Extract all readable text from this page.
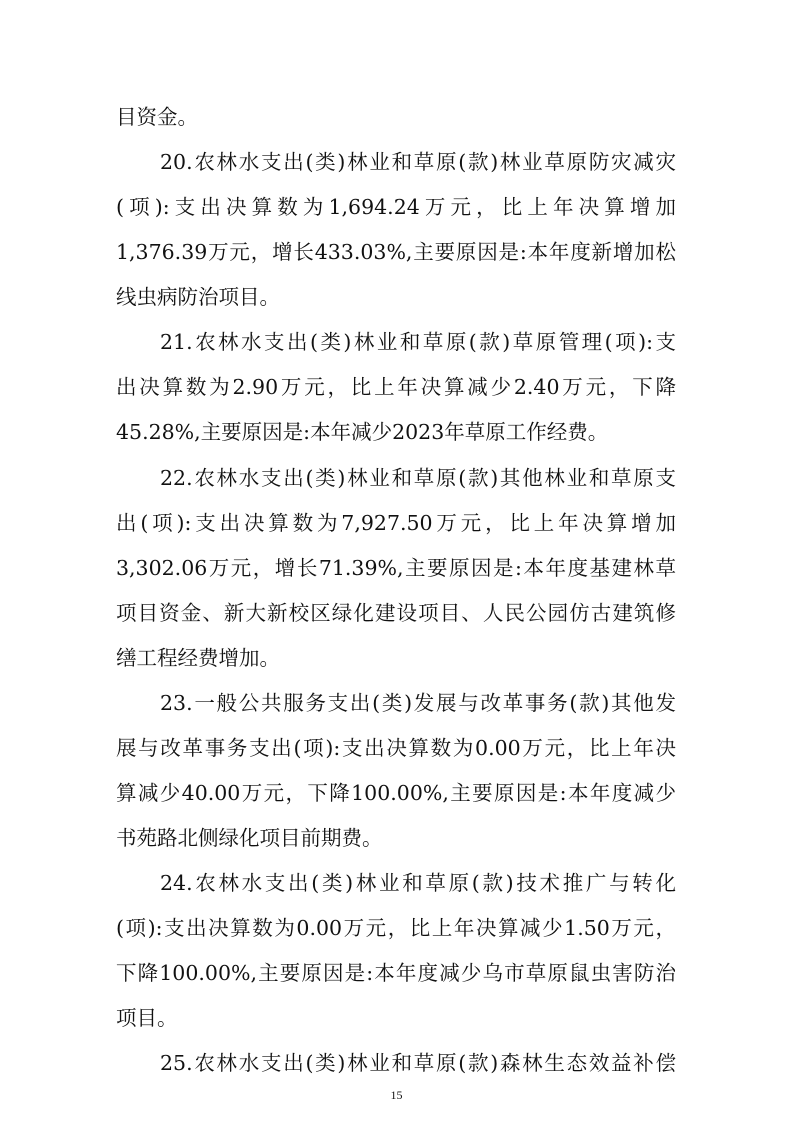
目资金。
20.农林水支出(类)林业和草原(款)林业草原防灾减灾
(项):支出决算数为1,694.24万元，比上年决算增加
1,376.39万元，增长433.03%,主要原因是:本年度新增加松
线虫病防治项目。
21.农林水支出(类)林业和草原(款)草原管理(项):支
出决算数为2.90万元，比上年决算减少2.40万元，下降
45.28%,主要原因是:本年减少2023年草原工作经费。
22.农林水支出(类)林业和草原(款)其他林业和草原支
出(项):支出决算数为7,927.50万元，比上年决算增加
3,302.06万元，增长71.39%,主要原因是:本年度基建林草
项目资金、新大新校区绿化建设项目、人民公园仿古建筑修
缮工程经费增加。
23.一般公共服务支出(类)发展与改革事务(款)其他发
展与改革事务支出(项):支出决算数为0.00万元，比上年决
算减少40.00万元，下降100.00%,主要原因是:本年度减少
书苑路北侧绿化项目前期费。
24.农林水支出(类)林业和草原(款)技术推广与转化
(项):支出决算数为0.00万元，比上年决算减少1.50万元，
下降100.00%,主要原因是:本年度减少乌市草原鼠虫害防治
项目。
25.农林水支出(类)林业和草原(款)森林生态效益补偿
15
